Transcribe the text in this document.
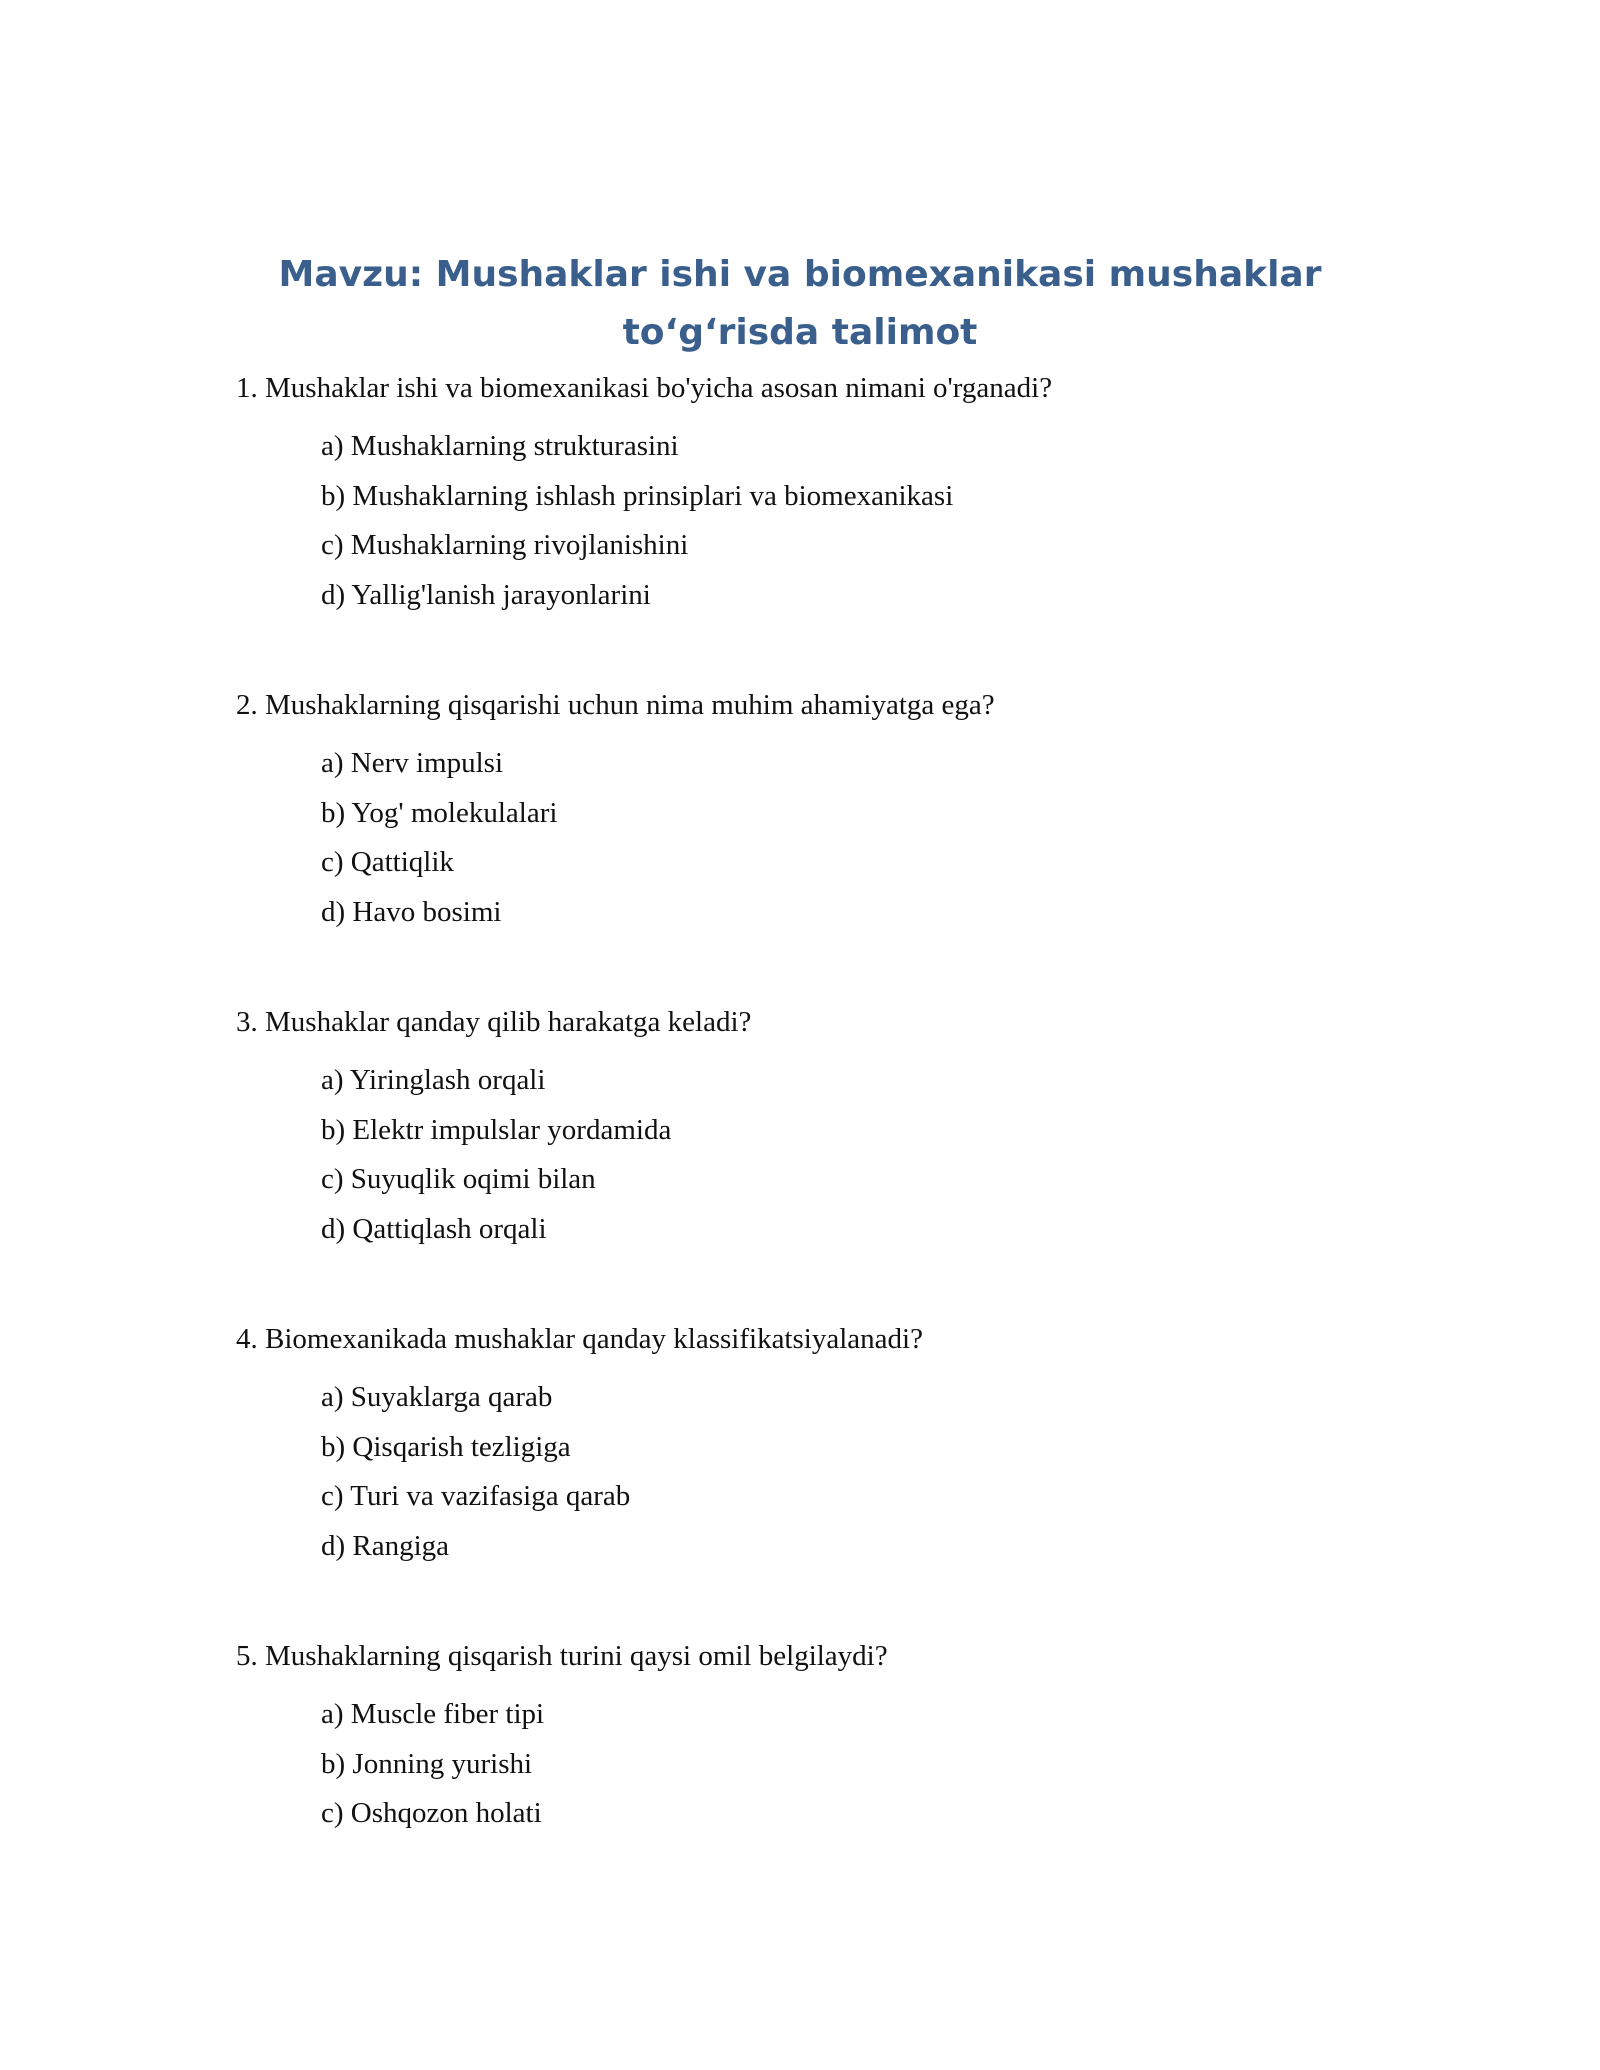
Mavzu: Mushaklar ishi va biomexanikasi mushaklar to‘g‘risda talimot

1. Mushaklar ishi va biomexanikasi bo'yicha asosan nimani o'rganadi?

a) Mushaklarning strukturasini
b) Mushaklarning ishlash prinsiplari va biomexanikasi
c) Mushaklarning rivojlanishini
d) Yallig'lanish jarayonlarini

2. Mushaklarning qisqarishi uchun nima muhim ahamiyatga ega?

a) Nerv impulsi
b) Yog' molekulalari
c) Qattiqlik
d) Havo bosimi

3. Mushaklar qanday qilib harakatga keladi?

a) Yiringlash orqali
b) Elektr impulslar yordamida
c) Suyuqlik oqimi bilan
d) Qattiqlash orqali

4. Biomexanikada mushaklar qanday klassifikatsiyalanadi?

a) Suyaklarga qarab
b) Qisqarish tezligiga
c) Turi va vazifasiga qarab
d) Rangiga

5. Mushaklarning qisqarish turini qaysi omil belgilaydi?

a) Muscle fiber tipi
b) Jonning yurishi
c) Oshqozon holati
